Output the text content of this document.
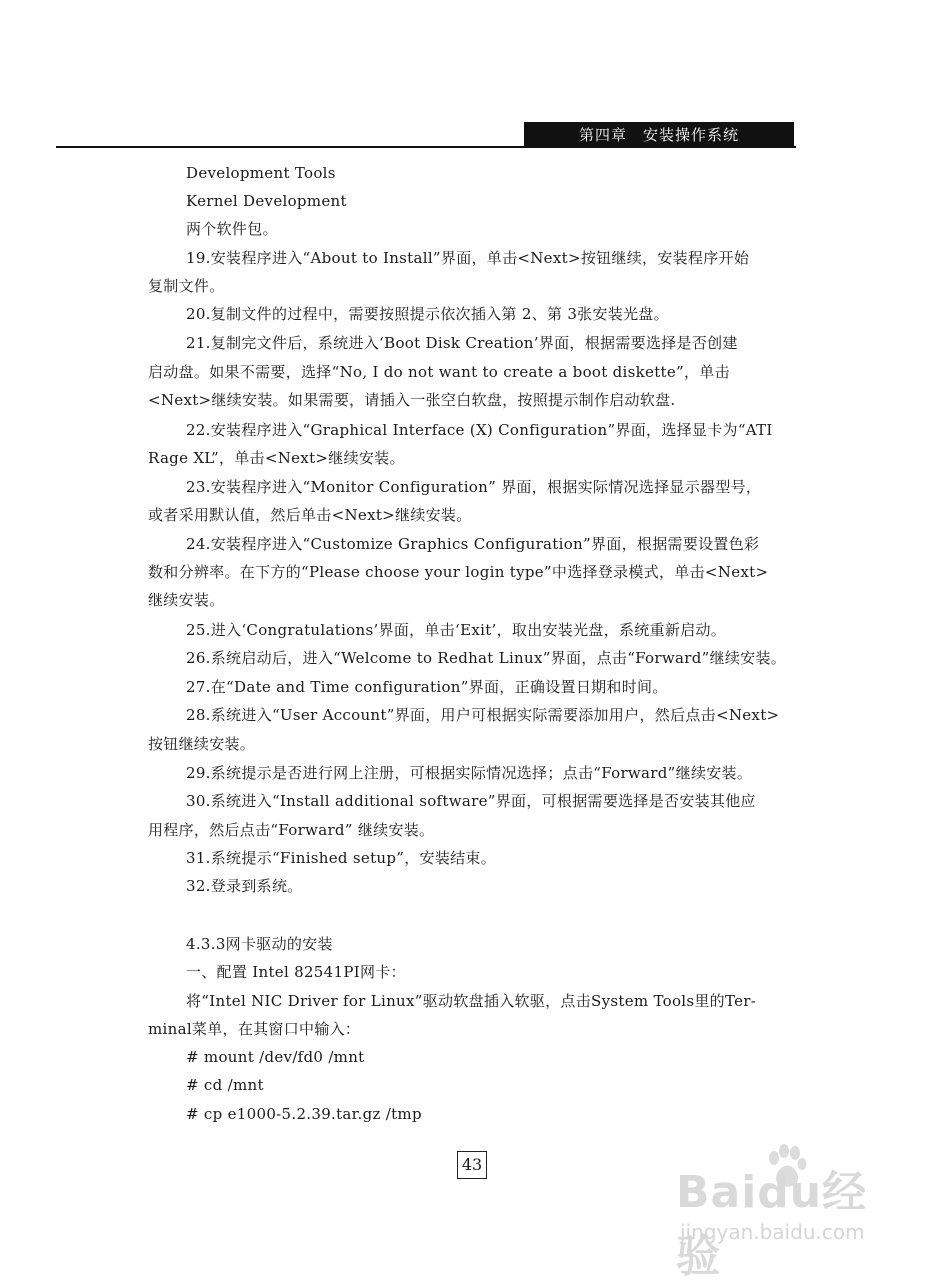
第四章 安装操作系统
Development Tools
Kernel Development
两个软件包。
19.安装程序进入“About to Install”界面，单击<Next>按钮继续，安装程序开始
复制文件。
20.复制文件的过程中，需要按照提示依次插入第 2、第 3张安装光盘。
21.复制完文件后，系统进入‘Boot Disk Creation’界面，根据需要选择是否创建
启动盘。如果不需要，选择“No, I do not want to create a boot diskette”，单击
<Next>继续安装。如果需要，请插入一张空白软盘，按照提示制作启动软盘.
22.安装程序进入“Graphical Interface (X) Configuration”界面，选择显卡为“ATI
Rage XL”，单击<Next>继续安装。
23.安装程序进入“Monitor Configuration” 界面，根据实际情况选择显示器型号，
或者采用默认值，然后单击<Next>继续安装。
24.安装程序进入“Customize Graphics Configuration”界面，根据需要设置色彩
数和分辨率。在下方的“Please choose your login type”中选择登录模式，单击<Next>
继续安装。
25.进入‘Congratulations’界面，单击‘Exit’，取出安装光盘，系统重新启动。
26.系统启动后，进入“Welcome to Redhat Linux”界面，点击“Forward”继续安装。
27.在“Date and Time configuration”界面，正确设置日期和时间。
28.系统进入“User Account”界面，用户可根据实际需要添加用户，然后点击<Next>
按钮继续安装。
29.系统提示是否进行网上注册，可根据实际情况选择；点击“Forward”继续安装。
30.系统进入“Install additional software”界面，可根据需要选择是否安装其他应
用程序，然后点击“Forward” 继续安装。
31.系统提示“Finished setup”，安装结束。
32.登录到系统。
4.3.3网卡驱动的安装
一、配置 Intel 82541PI网卡：
将“Intel NIC Driver for Linux”驱动软盘插入软驱，点击System Tools里的Ter-
minal菜单，在其窗口中输入：
# mount /dev/fd0 /mnt
# cd /mnt
# cp e1000-5.2.39.tar.gz /tmp
43
Baidu经验
jingyan.baidu.com
